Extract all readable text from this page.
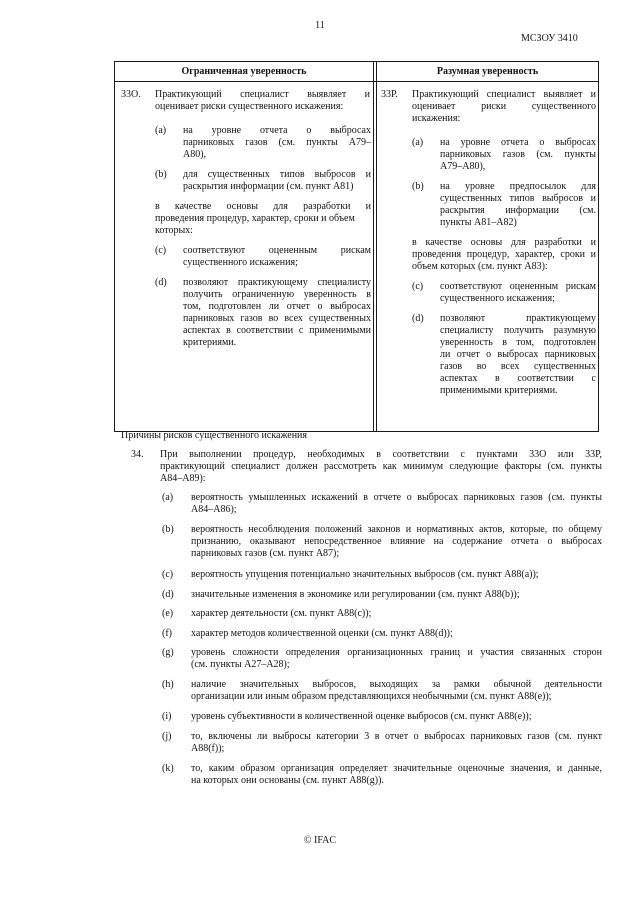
11
МСЗОУ 3410
Ограниченная уверенность	Разумная уверенность
33О. Практикующий специалист выявляет и
оценивает риски существенного искажения:
(a) на уровне отчета о выбросах
парниковых газов (см. пункты А79–
А80),
(b) для существенных типов выбросов и
раскрытия информации (см. пункт А81)
в качестве основы для разработки и
проведения процедур, характер, сроки и объем
которых:
(c) соответствуют оцененным рискам
существенного искажения;
(d) позволяют практикующему специалисту
получить ограниченную уверенность в
том, подготовлен ли отчет о выбросах
парниковых газов во всех существенных
аспектах в соответствии с применимыми
критериями.
33Р. Практикующий специалист выявляет и
оценивает риски существенного
искажения:
(a) на уровне отчета о выбросах
парниковых газов (см. пункты
А79–А80),
(b) на уровне предпосылок для
существенных типов выбросов и
раскрытия информации (см.
пункты А81–А82)
в качестве основы для разработки и
проведения процедур, характер, сроки и
объем которых (см. пункт А83):
(c) соответствуют оцененным рискам
существенного искажения;
(d) позволяют практикующему
специалисту получить разумную
уверенность в том, подготовлен
ли отчет о выбросах парниковых
газов во всех существенных
аспектах в соответствии с
применимыми критериями.
Причины рисков существенного искажения
34. При выполнении процедур, необходимых в соответствии с пунктами 33О или 33Р,
практикующий специалист должен рассмотреть как минимум следующие факторы (см. пункты
А84–А89):
(a) вероятность умышленных искажений в отчете о выбросах парниковых газов (см. пункты
А84–А86);
(b) вероятность несоблюдения положений законов и нормативных актов, которые, по общему
признанию, оказывают непосредственное влияние на содержание отчета о выбросах
парниковых газов (см. пункт А87);
(c) вероятность упущения потенциально значительных выбросов (см. пункт А88(a));
(d) значительные изменения в экономике или регулировании (см. пункт А88(b));
(e) характер деятельности (см. пункт А88(c));
(f) характер методов количественной оценки (см. пункт А88(d));
(g) уровень сложности определения организационных границ и участия связанных сторон
(см. пункты А27–А28);
(h) наличие значительных выбросов, выходящих за рамки обычной деятельности
организации или иным образом представляющихся необычными (см. пункт А88(e));
(i) уровень субъективности в количественной оценке выбросов (см. пункт А88(e));
(j) то, включены ли выбросы категории 3 в отчет о выбросах парниковых газов (см. пункт
А88(f));
(k) то, каким образом организация определяет значительные оценочные значения, и данные,
на которых они основаны (см. пункт А88(g)).
© IFAC
